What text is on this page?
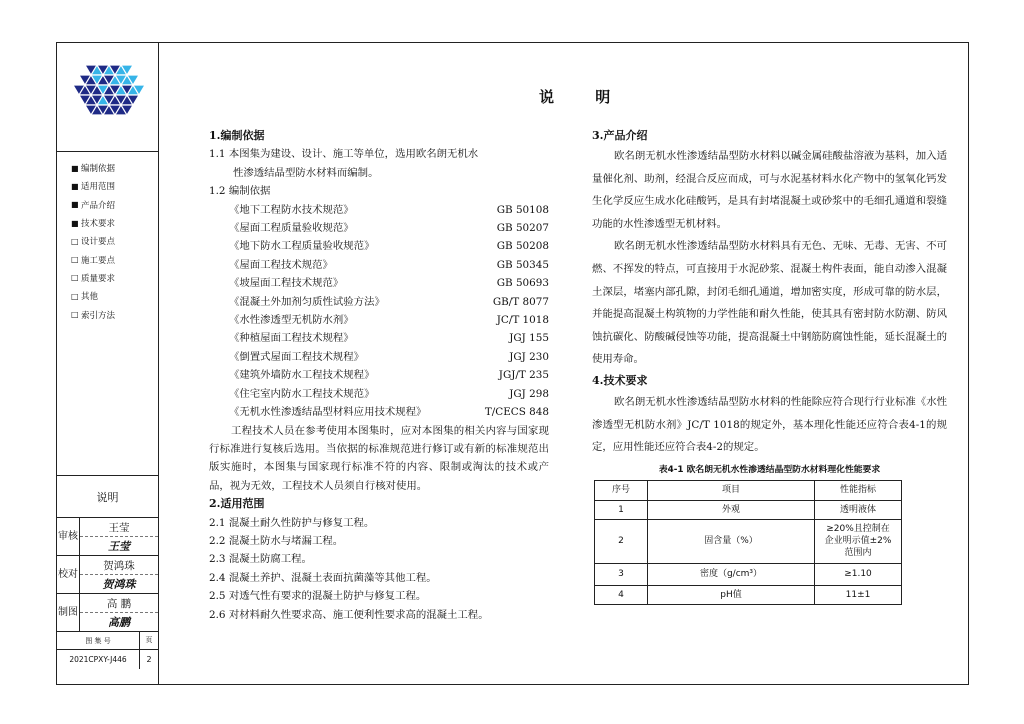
■ 编制依据
■ 适用范围
■ 产品介绍
■ 技术要求
□ 设计要点
□ 施工要点
□ 质量要求
□ 其他
□ 索引方法
说明
审核	王莹
	王莹
校对	贺鸿珠
	贺鸿珠
制图	高 鹏
	高鹏

图 集 号 页	

2021CPXY-J446 2	
说 明
1.编制依据
1.1 本图集为建设、设计、施工等单位，选用欧名朗无机水
性渗透结晶型防水材料而编制。
1.2 编制依据
《地下工程防水技术规范》	GB 50108
《屋面工程质量验收规范》	GB 50207
《地下防水工程质量验收规范》	GB 50208
《屋面工程技术规范》	GB 50345
《坡屋面工程技术规范》	GB 50693
《混凝土外加剂匀质性试验方法》	GB/T 8077
《水性渗透型无机防水剂》	JC/T 1018
《种植屋面工程技术规程》	JGJ 155
《倒置式屋面工程技术规程》	JGJ 230
《建筑外墙防水工程技术规程》	JGJ/T 235
《住宅室内防水工程技术规范》	JGJ 298
《无机水性渗透结晶型材料应用技术规程》	T/CECS 848
工程技术人员在参考使用本图集时，应对本图集的相关内容与国家现行标准进行复核后选用。当依据的标准规范进行修订或有新的标准规范出版实施时，本图集与国家现行标准不符的内容、限制或淘汰的技术或产品，视为无效，工程技术人员须自行核对使用。
2.适用范围
2.1 混凝土耐久性防护与修复工程。
2.2 混凝土防水与堵漏工程。
2.3 混凝土防腐工程。
2.4 混凝土养护、混凝土表面抗菌藻等其他工程。
2.5 对透气性有要求的混凝土防护与修复工程。
2.6 对材料耐久性要求高、施工便利性要求高的混凝土工程。
3.产品介绍
欧名朗无机水性渗透结晶型防水材料以碱金属硅酸盐溶液为基料，加入适量催化剂、助剂，经混合反应而成，可与水泥基材料水化产物中的氢氧化钙发生化学反应生成水化硅酸钙，是具有封堵混凝土或砂浆中的毛细孔通道和裂缝功能的水性渗透型无机材料。
欧名朗无机水性渗透结晶型防水材料具有无色、无味、无毒、无害、不可燃、不挥发的特点，可直接用于水泥砂浆、混凝土构件表面，能自动渗入混凝土深层，堵塞内部孔隙，封闭毛细孔通道，增加密实度，形成可靠的防水层，并能提高混凝土构筑物的力学性能和耐久性能，使其具有密封防水防潮、防风蚀抗碳化、防酸碱侵蚀等功能，提高混凝土中钢筋防腐蚀性能，延长混凝土的使用寿命。
4.技术要求
欧名朗无机水性渗透结晶型防水材料的性能除应符合现行行业标准《水性渗透型无机防水剂》JC/T 1018的规定外，基本理化性能还应符合表4-1的规定，应用性能还应符合表4-2的规定。
表4-1 欧名朗无机水性渗透结晶型防水材料理化性能要求
序号	项目	性能指标
1	外观	透明液体
2	固含量（%）	≥20%且控制在企业明示值±2%范围内
3	密度（g/cm³）	≥1.10
4	pH值	11±1
